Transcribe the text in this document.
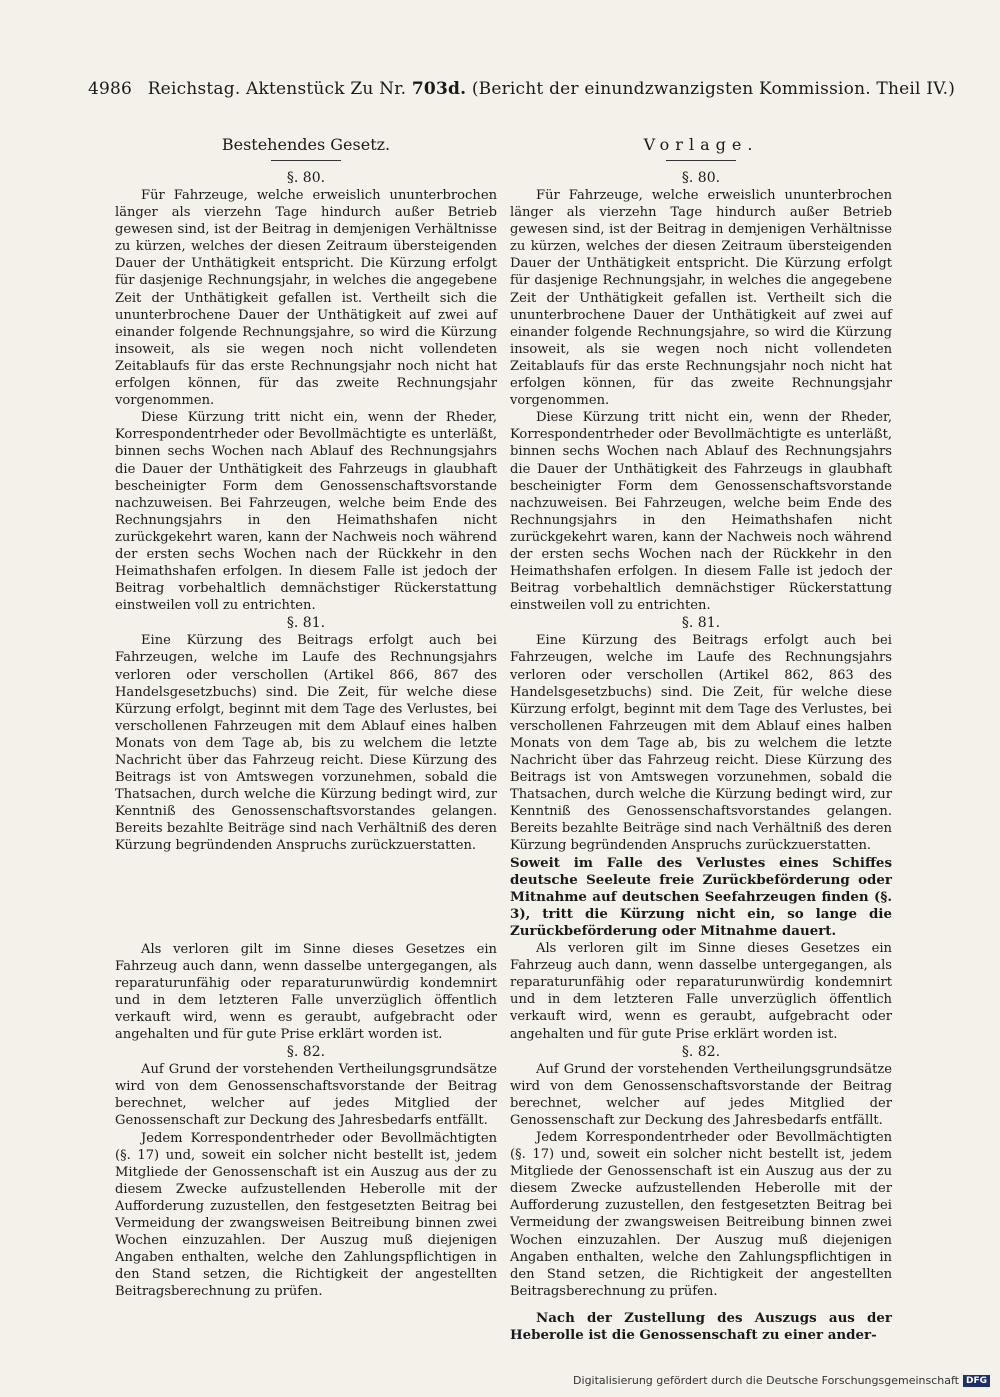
4986 Reichstag. Aktenstück Zu Nr. 703d. (Bericht der einundzwanzigsten Kommission. Theil IV.)
Bestehendes Gesetz.
§. 80.

Für Fahrzeuge, welche erweislich ununterbrochen länger als vierzehn Tage hindurch außer Betrieb gewesen sind, ist der Beitrag in demjenigen Verhältnisse zu kürzen, welches der diesen Zeitraum übersteigenden Dauer der Unthätigkeit entspricht. Die Kürzung erfolgt für dasjenige Rechnungsjahr, in welches die angegebene Zeit der Unthätigkeit gefallen ist. Vertheilt sich die ununterbrochene Dauer der Unthätigkeit auf zwei auf einander folgende Rechnungsjahre, so wird die Kürzung insoweit, als sie wegen noch nicht vollendeten Zeitablaufs für das erste Rechnungsjahr noch nicht hat erfolgen können, für das zweite Rechnungsjahr vorgenommen.

Diese Kürzung tritt nicht ein, wenn der Rheder, Korrespondentrheder oder Bevollmächtigte es unterläßt, binnen sechs Wochen nach Ablauf des Rechnungsjahrs die Dauer der Unthätigkeit des Fahrzeugs in glaubhaft bescheinigter Form dem Genossenschaftsvorstande nachzuweisen. Bei Fahrzeugen, welche beim Ende des Rechnungsjahrs in den Heimathshafen nicht zurückgekehrt waren, kann der Nachweis noch während der ersten sechs Wochen nach der Rückkehr in den Heimathshafen erfolgen. In diesem Falle ist jedoch der Beitrag vorbehaltlich demnächstiger Rückerstattung einstweilen voll zu entrichten.

§. 81.

Eine Kürzung des Beitrags erfolgt auch bei Fahrzeugen, welche im Laufe des Rechnungsjahrs verloren oder verschollen (Artikel 866, 867 des Handelsgesetzbuchs) sind. Die Zeit, für welche diese Kürzung erfolgt, beginnt mit dem Tage des Verlustes, bei verschollenen Fahrzeugen mit dem Ablauf eines halben Monats von dem Tage ab, bis zu welchem die letzte Nachricht über das Fahrzeug reicht. Diese Kürzung des Beitrags ist von Amtswegen vorzunehmen, sobald die Thatsachen, durch welche die Kürzung bedingt wird, zur Kenntniß des Genossenschaftsvorstandes gelangen. Bereits bezahlte Beiträge sind nach Verhältniß des deren Kürzung begründenden Anspruchs zurückzuerstatten.

Als verloren gilt im Sinne dieses Gesetzes ein Fahrzeug auch dann, wenn dasselbe untergegangen, als reparaturunfähig oder reparaturunwürdig kondemnirt und in dem letzteren Falle unverzüglich öffentlich verkauft wird, wenn es geraubt, aufgebracht oder angehalten und für gute Prise erklärt worden ist.

§. 82.

Auf Grund der vorstehenden Vertheilungsgrundsätze wird von dem Genossenschaftsvorstande der Beitrag berechnet, welcher auf jedes Mitglied der Genossenschaft zur Deckung des Jahresbedarfs entfällt.

Jedem Korrespondentrheder oder Bevollmächtigten (§. 17) und, soweit ein solcher nicht bestellt ist, jedem Mitgliede der Genossenschaft ist ein Auszug aus der zu diesem Zwecke aufzustellenden Heberolle mit der Aufforderung zuzustellen, den festgesetzten Beitrag bei Vermeidung der zwangsweisen Beitreibung binnen zwei Wochen einzuzahlen. Der Auszug muß diejenigen Angaben enthalten, welche den Zahlungspflichtigen in den Stand setzen, die Richtigkeit der angestellten Beitragsberechnung zu prüfen.

Vorlage.
§. 80.

Für Fahrzeuge, welche erweislich ununterbrochen länger als vierzehn Tage hindurch außer Betrieb gewesen sind, ist der Beitrag in demjenigen Verhältnisse zu kürzen, welches der diesen Zeitraum übersteigenden Dauer der Unthätigkeit entspricht. Die Kürzung erfolgt für dasjenige Rechnungsjahr, in welches die angegebene Zeit der Unthätigkeit gefallen ist. Vertheilt sich die ununterbrochene Dauer der Unthätigkeit auf zwei auf einander folgende Rechnungsjahre, so wird die Kürzung insoweit, als sie wegen noch nicht vollendeten Zeitablaufs für das erste Rechnungsjahr noch nicht hat erfolgen können, für das zweite Rechnungsjahr vorgenommen.

Diese Kürzung tritt nicht ein, wenn der Rheder, Korrespondentrheder oder Bevollmächtigte es unterläßt, binnen sechs Wochen nach Ablauf des Rechnungsjahrs die Dauer der Unthätigkeit des Fahrzeugs in glaubhaft bescheinigter Form dem Genossenschaftsvorstande nachzuweisen. Bei Fahrzeugen, welche beim Ende des Rechnungsjahrs in den Heimathshafen nicht zurückgekehrt waren, kann der Nachweis noch während der ersten sechs Wochen nach der Rückkehr in den Heimathshafen erfolgen. In diesem Falle ist jedoch der Beitrag vorbehaltlich demnächstiger Rückerstattung einstweilen voll zu entrichten.

§. 81.

Eine Kürzung des Beitrags erfolgt auch bei Fahrzeugen, welche im Laufe des Rechnungsjahrs verloren oder verschollen (Artikel 862, 863 des Handelsgesetzbuchs) sind. Die Zeit, für welche diese Kürzung erfolgt, beginnt mit dem Tage des Verlustes, bei verschollenen Fahrzeugen mit dem Ablauf eines halben Monats von dem Tage ab, bis zu welchem die letzte Nachricht über das Fahrzeug reicht. Diese Kürzung des Beitrags ist von Amtswegen vorzunehmen, sobald die Thatsachen, durch welche die Kürzung bedingt wird, zur Kenntniß des Genossenschaftsvorstandes gelangen. Bereits bezahlte Beiträge sind nach Verhältniß des deren Kürzung begründenden Anspruchs zurückzuerstatten.

Soweit im Falle des Verlustes eines Schiffes deutsche Seeleute freie Zurückbeförderung oder Mitnahme auf deutschen Seefahrzeugen finden (§. 3), tritt die Kürzung nicht ein, so lange die Zurückbeförderung oder Mitnahme dauert.

Als verloren gilt im Sinne dieses Gesetzes ein Fahrzeug auch dann, wenn dasselbe untergegangen, als reparaturunfähig oder reparaturunwürdig kondemnirt und in dem letzteren Falle unverzüglich öffentlich verkauft wird, wenn es geraubt, aufgebracht oder angehalten und für gute Prise erklärt worden ist.

§. 82.

Auf Grund der vorstehenden Vertheilungsgrundsätze wird von dem Genossenschaftsvorstande der Beitrag berechnet, welcher auf jedes Mitglied der Genossenschaft zur Deckung des Jahresbedarfs entfällt.

Jedem Korrespondentrheder oder Bevollmächtigten (§. 17) und, soweit ein solcher nicht bestellt ist, jedem Mitgliede der Genossenschaft ist ein Auszug aus der zu diesem Zwecke aufzustellenden Heberolle mit der Aufforderung zuzustellen, den festgesetzten Beitrag bei Vermeidung der zwangsweisen Beitreibung binnen zwei Wochen einzuzahlen. Der Auszug muß diejenigen Angaben enthalten, welche den Zahlungspflichtigen in den Stand setzen, die Richtigkeit der angestellten Beitragsberechnung zu prüfen.

Nach der Zustellung des Auszugs aus der Heberolle ist die Genossenschaft zu einer ander-

Digitalisierung gefördert durch die Deutsche Forschungsgemeinschaft DFG
